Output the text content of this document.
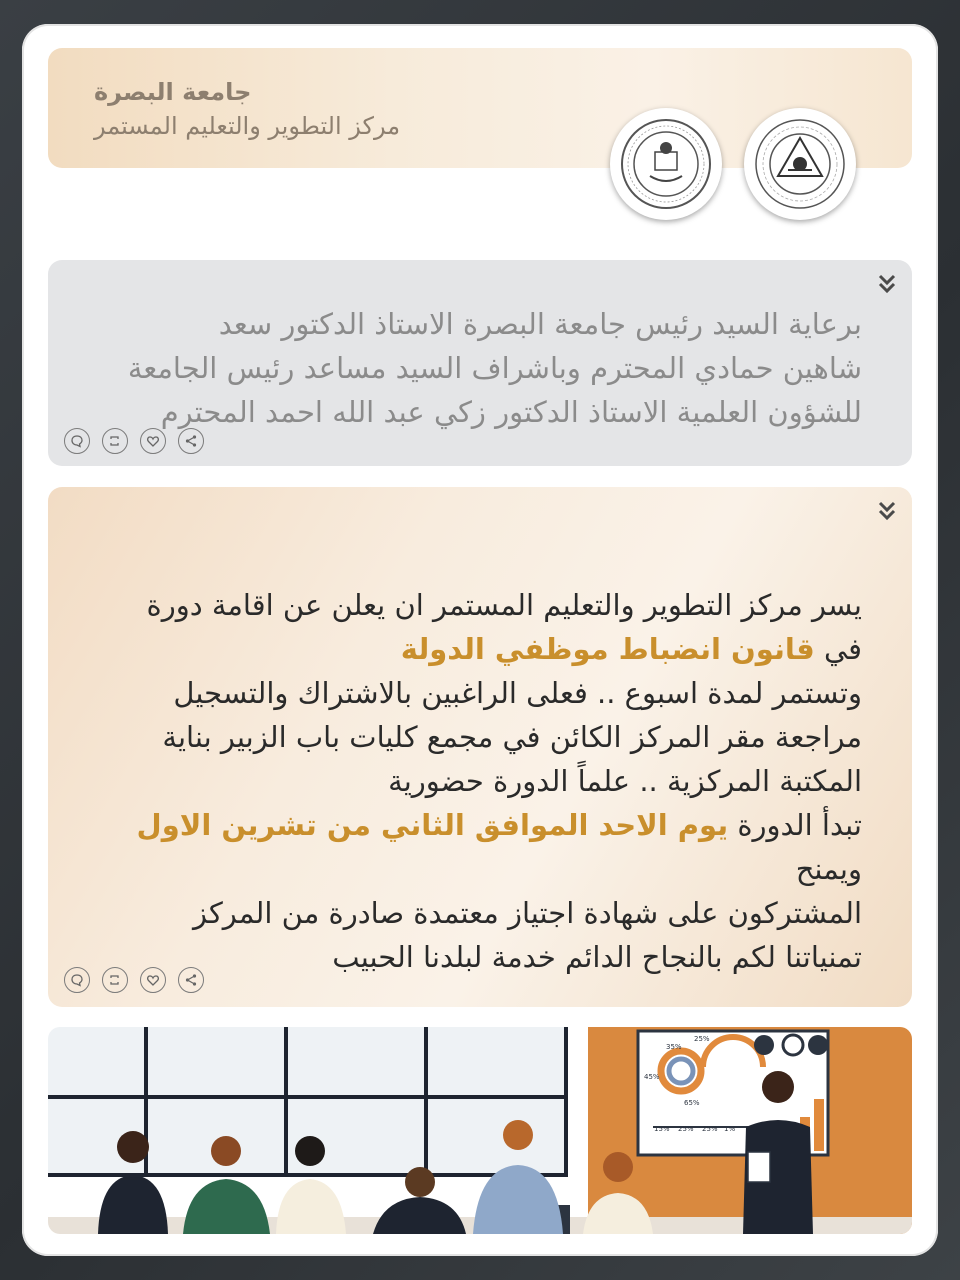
جامعة البصرة
مركز التطوير والتعليم المستمر
برعاية السيد رئيس جامعة البصرة الاستاذ الدكتور سعد
شاهين حمادي المحترم وباشراف السيد مساعد رئيس الجامعة
للشؤون العلمية الاستاذ الدكتور زكي عبد الله احمد المحترم
يسر مركز التطوير والتعليم المستمر ان يعلن عن اقامة دورة
في قانون انضباط موظفي الدولة
وتستمر لمدة اسبوع .. فعلى الراغبين بالاشتراك والتسجيل
مراجعة مقر المركز الكائن في مجمع كليات باب الزبير بناية
المكتبة المركزية .. علماً الدورة حضورية
تبدأ الدورة يوم الاحد الموافق الثاني من تشرين الاول ويمنح
المشتركون على شهادة اجتياز معتمدة صادرة من المركز
تمنياتنا لكم بالنجاح الدائم خدمة لبلدنا الحبيب
35%
25%
45%
65%
15% 25% 25% 1%
